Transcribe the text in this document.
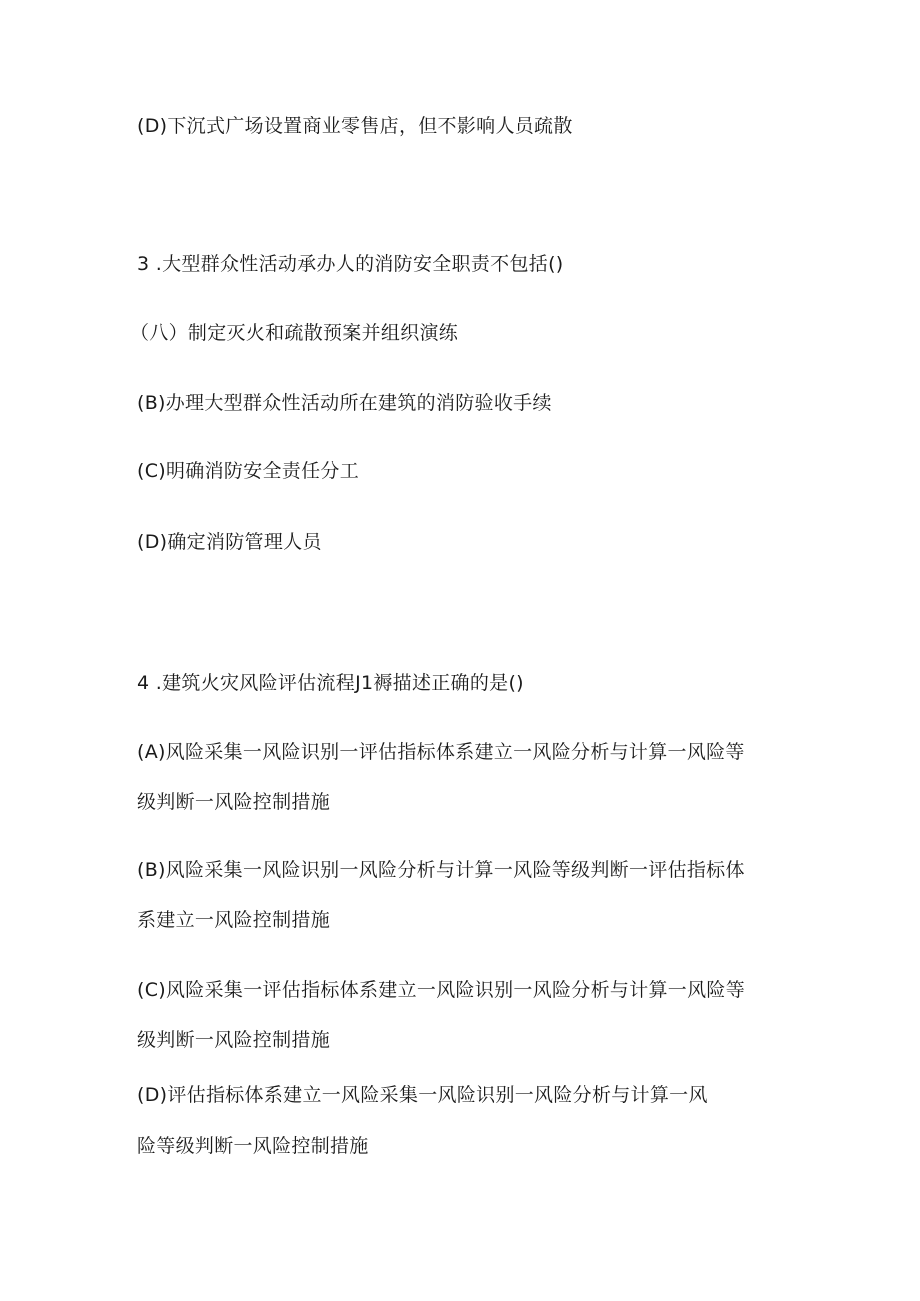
(D)下沉式广场设置商业零售店，但不影响人员疏散
3 .大型群众性活动承办人的消防安全职责不包括()
（八）制定灭火和疏散预案并组织演练
(B)办理大型群众性活动所在建筑的消防验收手续
(C)明确消防安全责任分工
(D)确定消防管理人员
4 .建筑火灾风险评估流程J1褥描述正确的是()
(A)风险采集一风险识别一评估指标体系建立一风险分析与计算一风险等
级判断一风险控制措施
(B)风险采集一风险识别一风险分析与计算一风险等级判断一评估指标体
系建立一风险控制措施
(C)风险采集一评估指标体系建立一风险识别一风险分析与计算一风险等
级判断一风险控制措施
(D)评估指标体系建立一风险采集一风险识别一风险分析与计算一风
险等级判断一风险控制措施
